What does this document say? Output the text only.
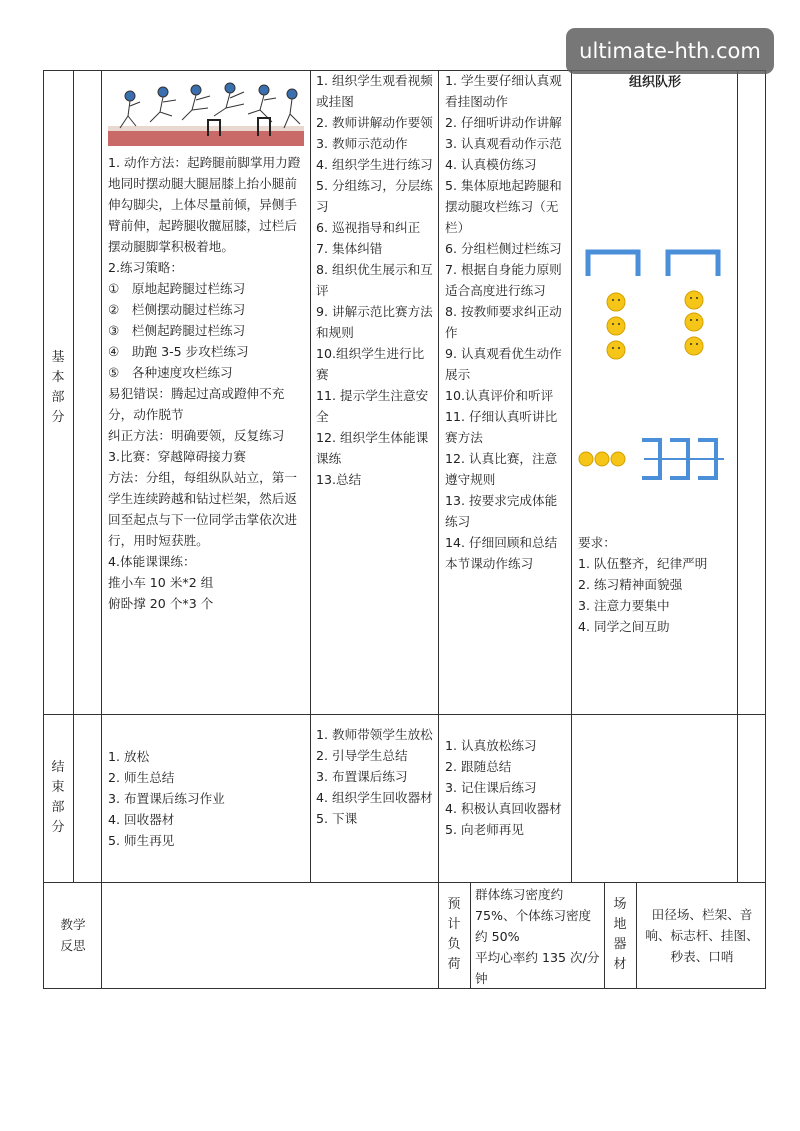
ultimate-hth.com
基
本
部
分

1. 动作方法：起跨腿前脚掌用力蹬地同时摆动腿大腿屈膝上抬小腿前伸勾脚尖，上体尽量前倾，异侧手臂前伸，起跨腿收髋屈膝，过栏后摆动腿脚掌积极着地。

2.练习策略：

①　原地起跨腿过栏练习

②　栏侧摆动腿过栏练习

③　栏侧起跨腿过栏练习

④　助跑 3-5 步攻栏练习

⑤　各种速度攻栏练习

易犯错误：腾起过高或蹬伸不充分，动作脱节

纠正方法：明确要领，反复练习

3.比赛：穿越障碍接力赛

方法：分组，每组纵队站立，第一学生连续跨越和钻过栏架，然后返回至起点与下一位同学击掌依次进行，用时短获胜。

4.体能课课练：

推小车 10 米*2 组

俯卧撑 20 个*3 个

1. 组织学生观看视频或挂图

2. 教师讲解动作要领

3. 教师示范动作

4. 组织学生进行练习

5. 分组练习，分层练习

6. 巡视指导和纠正

7. 集体纠错

8. 组织优生展示和互评

9. 讲解示范比赛方法和规则

10.组织学生进行比赛

11. 提示学生注意安全

12. 组织学生体能课课练

13.总结

1. 学生要仔细认真观看挂图动作

2. 仔细听讲动作讲解

3. 认真观看动作示范

4. 认真模仿练习

5. 集体原地起跨腿和摆动腿攻栏练习（无栏）

6. 分组栏侧过栏练习

7. 根据自身能力原则适合高度进行练习

8. 按教师要求纠正动作

9. 认真观看优生动作展示

10.认真评价和听评

11. 仔细认真听讲比赛方法

12. 认真比赛，注意遵守规则

13. 按要求完成体能练习

14. 仔细回顾和总结本节课动作练习

组织队形

要求：

1. 队伍整齐，纪律严明

2. 练习精神面貌强

3. 注意力要集中

4. 同学之间互助

结
束
部
分

1. 放松

2. 师生总结

3. 布置课后练习作业

4. 回收器材

5. 师生再见

1. 教师带领学生放松

2. 引导学生总结

3. 布置课后练习

4. 组织学生回收器材

5. 下课

1. 认真放松练习

2. 跟随总结

3. 记住课后练习

4. 积极认真回收器材

5. 向老师再见

教学

反思

预
计
负
荷

群体练习密度约 75%、个体练习密度约 50%

平均心率约 135 次/分钟

场
地
器
材
田径场、栏架、音响、标志杆、挂图、秒表、口哨
